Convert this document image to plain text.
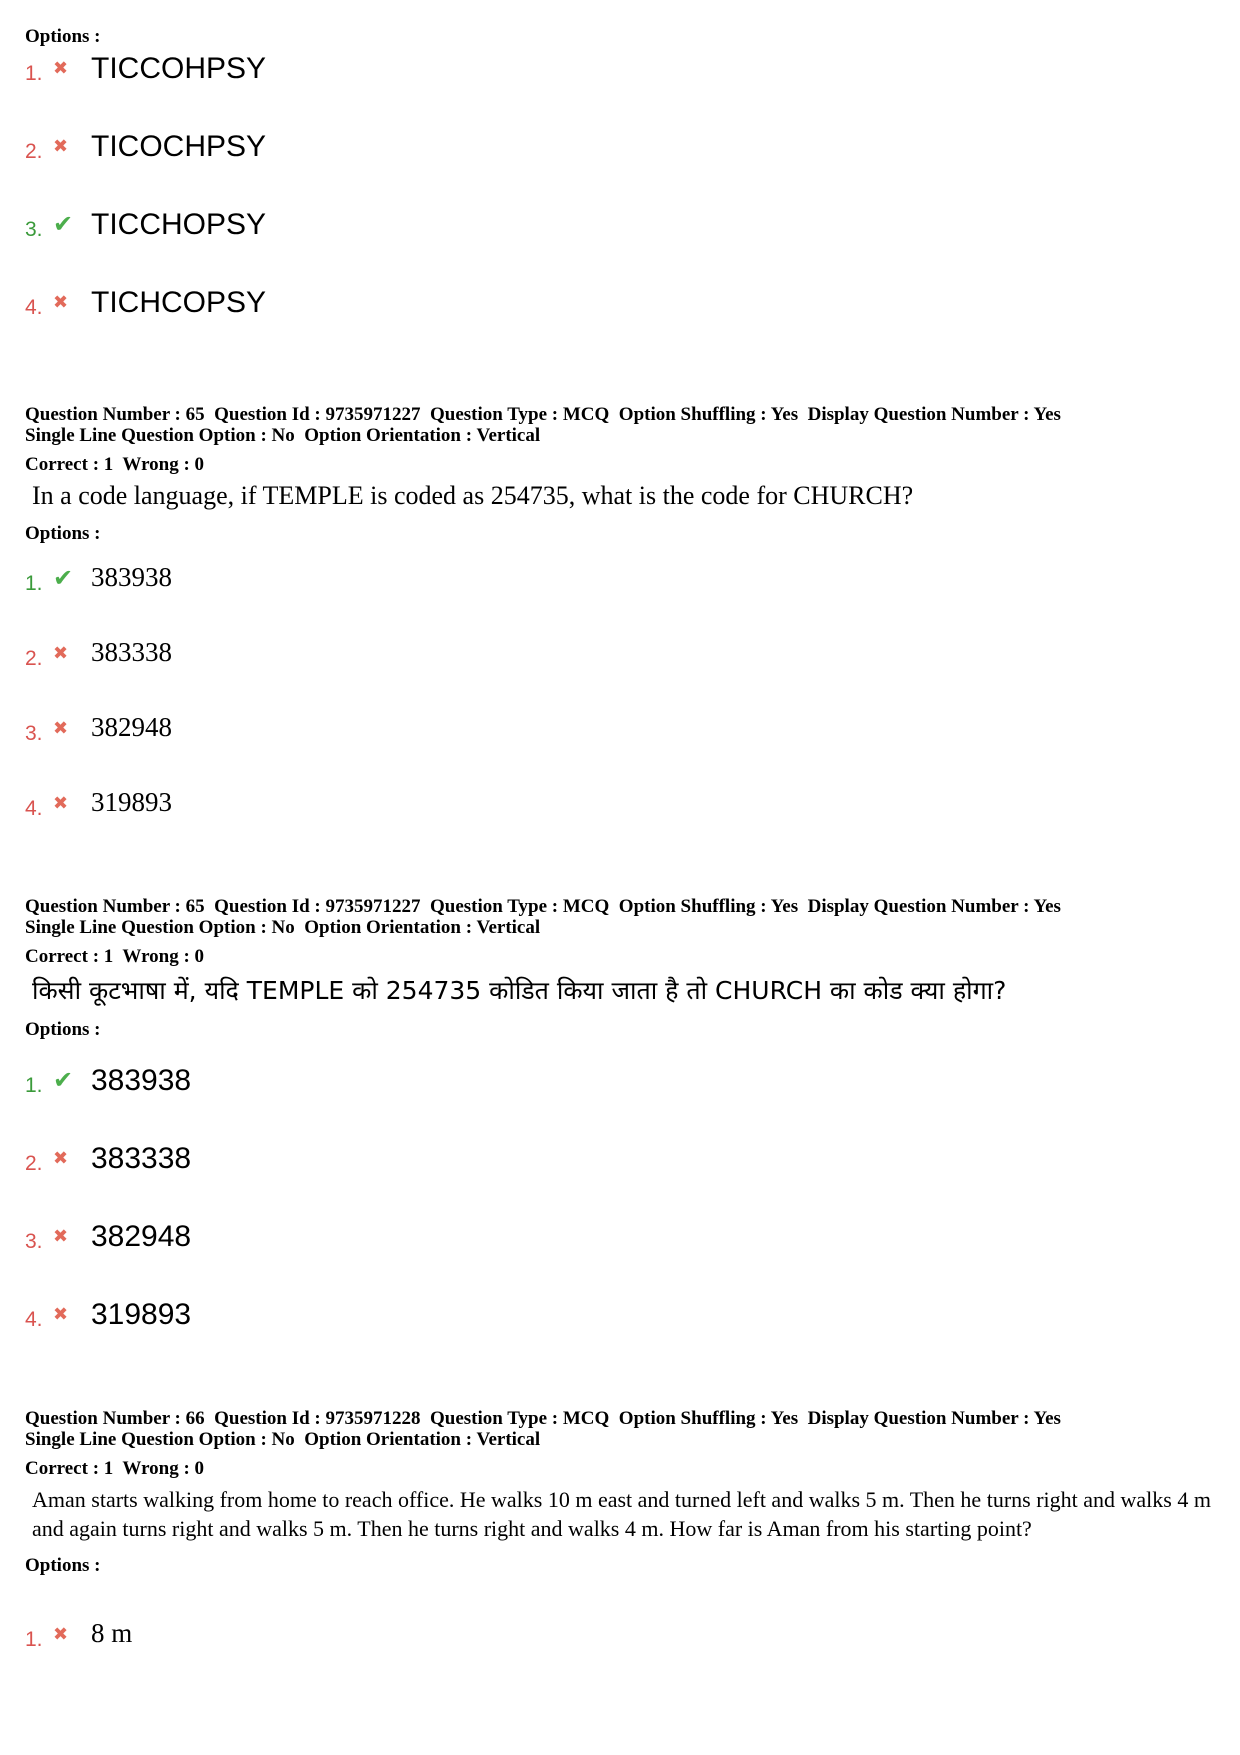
Options :
1. ✖ TICCOHPSY
2. ✖ TICOCHPSY
3. ✔ TICCHOPSY
4. ✖ TICHCOPSY
Question Number : 65  Question Id : 9735971227  Question Type : MCQ  Option Shuffling : Yes  Display Question Number : Yes
Single Line Question Option : No  Option Orientation : Vertical
Correct : 1  Wrong : 0
In a code language, if TEMPLE is coded as 254735, what is the code for CHURCH?
Options :
1. ✔ 383938
2. ✖ 383338
3. ✖ 382948
4. ✖ 319893
Question Number : 65  Question Id : 9735971227  Question Type : MCQ  Option Shuffling : Yes  Display Question Number : Yes
Single Line Question Option : No  Option Orientation : Vertical
Correct : 1  Wrong : 0
किसी कूटभाषा में, यदि TEMPLE को 254735 कोडित किया जाता है तो CHURCH का कोड क्या होगा?
Options :
1. ✔ 383938
2. ✖ 383338
3. ✖ 382948
4. ✖ 319893
Question Number : 66  Question Id : 9735971228  Question Type : MCQ  Option Shuffling : Yes  Display Question Number : Yes
Single Line Question Option : No  Option Orientation : Vertical
Correct : 1  Wrong : 0
Aman starts walking from home to reach office. He walks 10 m east and turned left and walks 5 m. Then he turns right and walks 4 m and again turns right and walks 5 m. Then he turns right and walks 4 m. How far is Aman from his starting point?
Options :
1. ✖ 8 m
